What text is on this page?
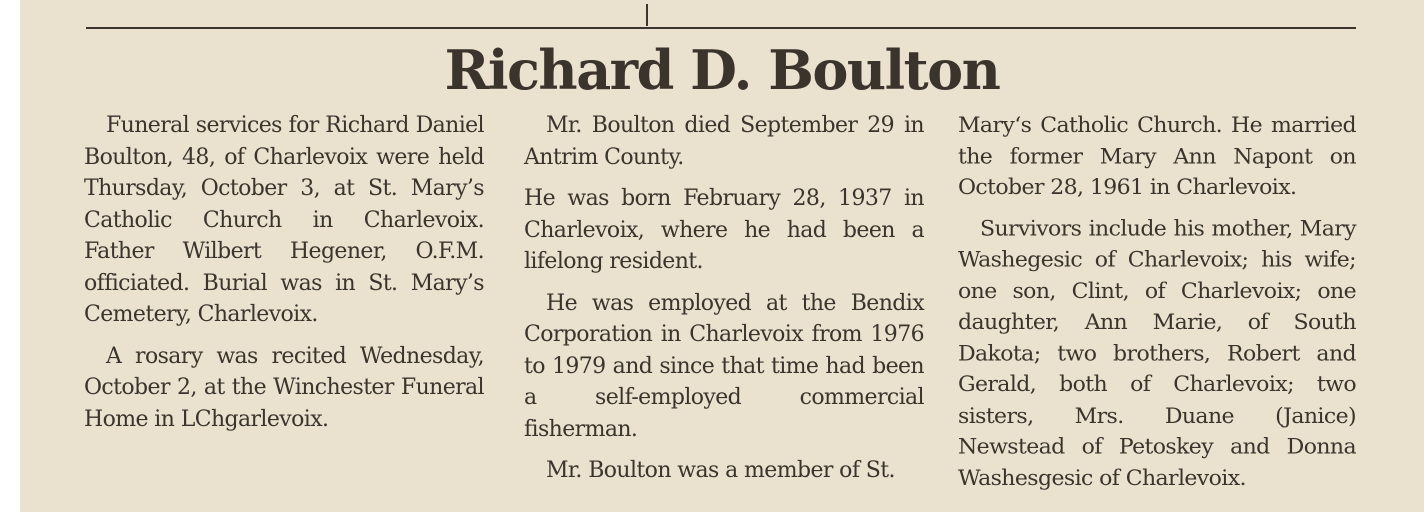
Richard D. Boulton

Funeral services for Richard Daniel Boulton, 48, of Charlevoix were held Thursday, October 3, at St. Mary’s Catholic Church in Charlevoix. Father Wilbert Hegener, O.F.M. officiated. Burial was in St. Mary’s Cemetery, Charlevoix.

A rosary was recited Wednesday, October 2, at the Winchester Funeral Home in LChgarlevoix.

Mr. Boulton died September 29 in Antrim County.

He was born February 28, 1937 in Charlevoix, where he had been a lifelong resident.

He was employed at the Bendix Corporation in Charlevoix from 1976 to 1979 and since that time had been a self-employed commercial fisherman.

Mr. Boulton was a member of St.

Mary‘s Catholic Church. He married the former Mary Ann Napont on October 28, 1961 in Charlevoix.

Survivors include his mother, Mary Washegesic of Charlevoix; his wife; one son, Clint, of Charlevoix; one daughter, Ann Marie, of South Dakota; two brothers, Robert and Gerald, both of Charlevoix; two sisters, Mrs. Duane (Janice) Newstead of Petoskey and Donna Washesgesic of Charlevoix.
